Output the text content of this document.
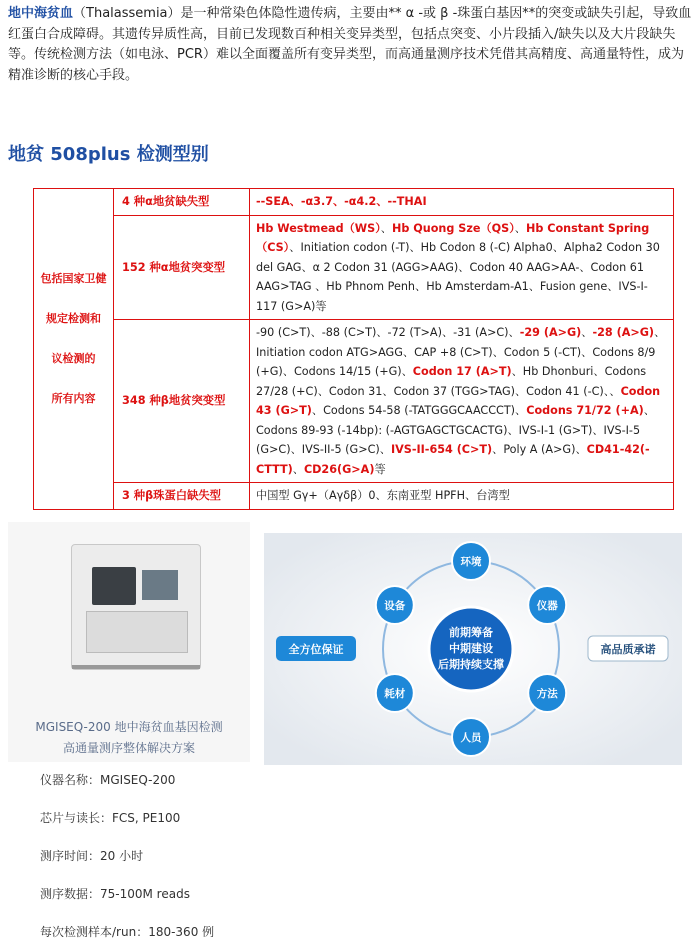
地中海贫血（Thalassemia）是一种常染色体隐性遗传病，主要由** α -或 β -珠蛋白基因**的突变或缺失引起，导致血红蛋白合成障碍。其遗传异质性高，目前已发现数百种相关变异类型，包括点突变、小片段插入/缺失以及大片段缺失等。传统检测方法（如电泳、PCR）难以全面覆盖所有变异类型，而高通量测序技术凭借其高精度、高通量特性，成为精准诊断的核心手段。
地贫 508plus 检测型别

包括国家卫健

规定检测和

议检测的

所有内容	4 种α地贫缺失型	--SEA、-α3.7、-α4.2、--THAI
	152 种α地贫突变型	Hb Westmead（WS）、Hb Quong Sze（QS）、Hb Constant Spring（CS）、Initiation codon (-T)、Hb Codon 8 (-C) Alpha0、Alpha2 Codon 30 del GAG、α 2 Codon 31 (AGG>AAG)、Codon 40 AAG>AA-、Codon 61 AAG>TAG 、Hb Phnom Penh、Hb Amsterdam-A1、Fusion gene、IVS-I-117 (G>A)等
	348 种β地贫突变型	-90 (C>T)、-88 (C>T)、-72 (T>A)、-31 (A>C)、-29 (A>G)、-28 (A>G)、Initiation codon ATG>AGG、CAP +8 (C>T)、Codon 5 (-CT)、Codons 8/9 (+G)、Codons 14/15 (+G)、Codon 17 (A>T)、Hb Dhonburi、Codons 27/28 (+C)、Codon 31、Codon 37 (TGG>TAG)、Codon 41 (-C)、、Codon 43 (G>T)、Codons 54-58 (-TATGGGCAACCCT)、Codons 71/72 (+A)、Codons 89-93 (-14bp): (-AGTGAGCTGCACTG)、IVS-I-1 (G>T)、IVS-I-5 (G>C)、IVS-II-5 (G>C)、IVS-II-654 (C>T)、Poly A (A>G)、CD41-42(-CTTT)、CD26(G>A)等
	3 种β珠蛋白缺失型	中国型 Gγ+（Aγδβ）0、东南亚型 HPFH、台湾型
MGISEQ-200 地中海贫血基因检测
高通量测序整体解决方案
环境
仪器
方法
人员
耗材
设备
前期筹备
中期建设
后期持续支撑
全方位保证	高品质承诺
仪器名称：MGISEQ-200
芯片与读长：FCS, PE100
测序时间：20 小时
测序数据：75-100M reads
每次检测样本/run：180-360 例
